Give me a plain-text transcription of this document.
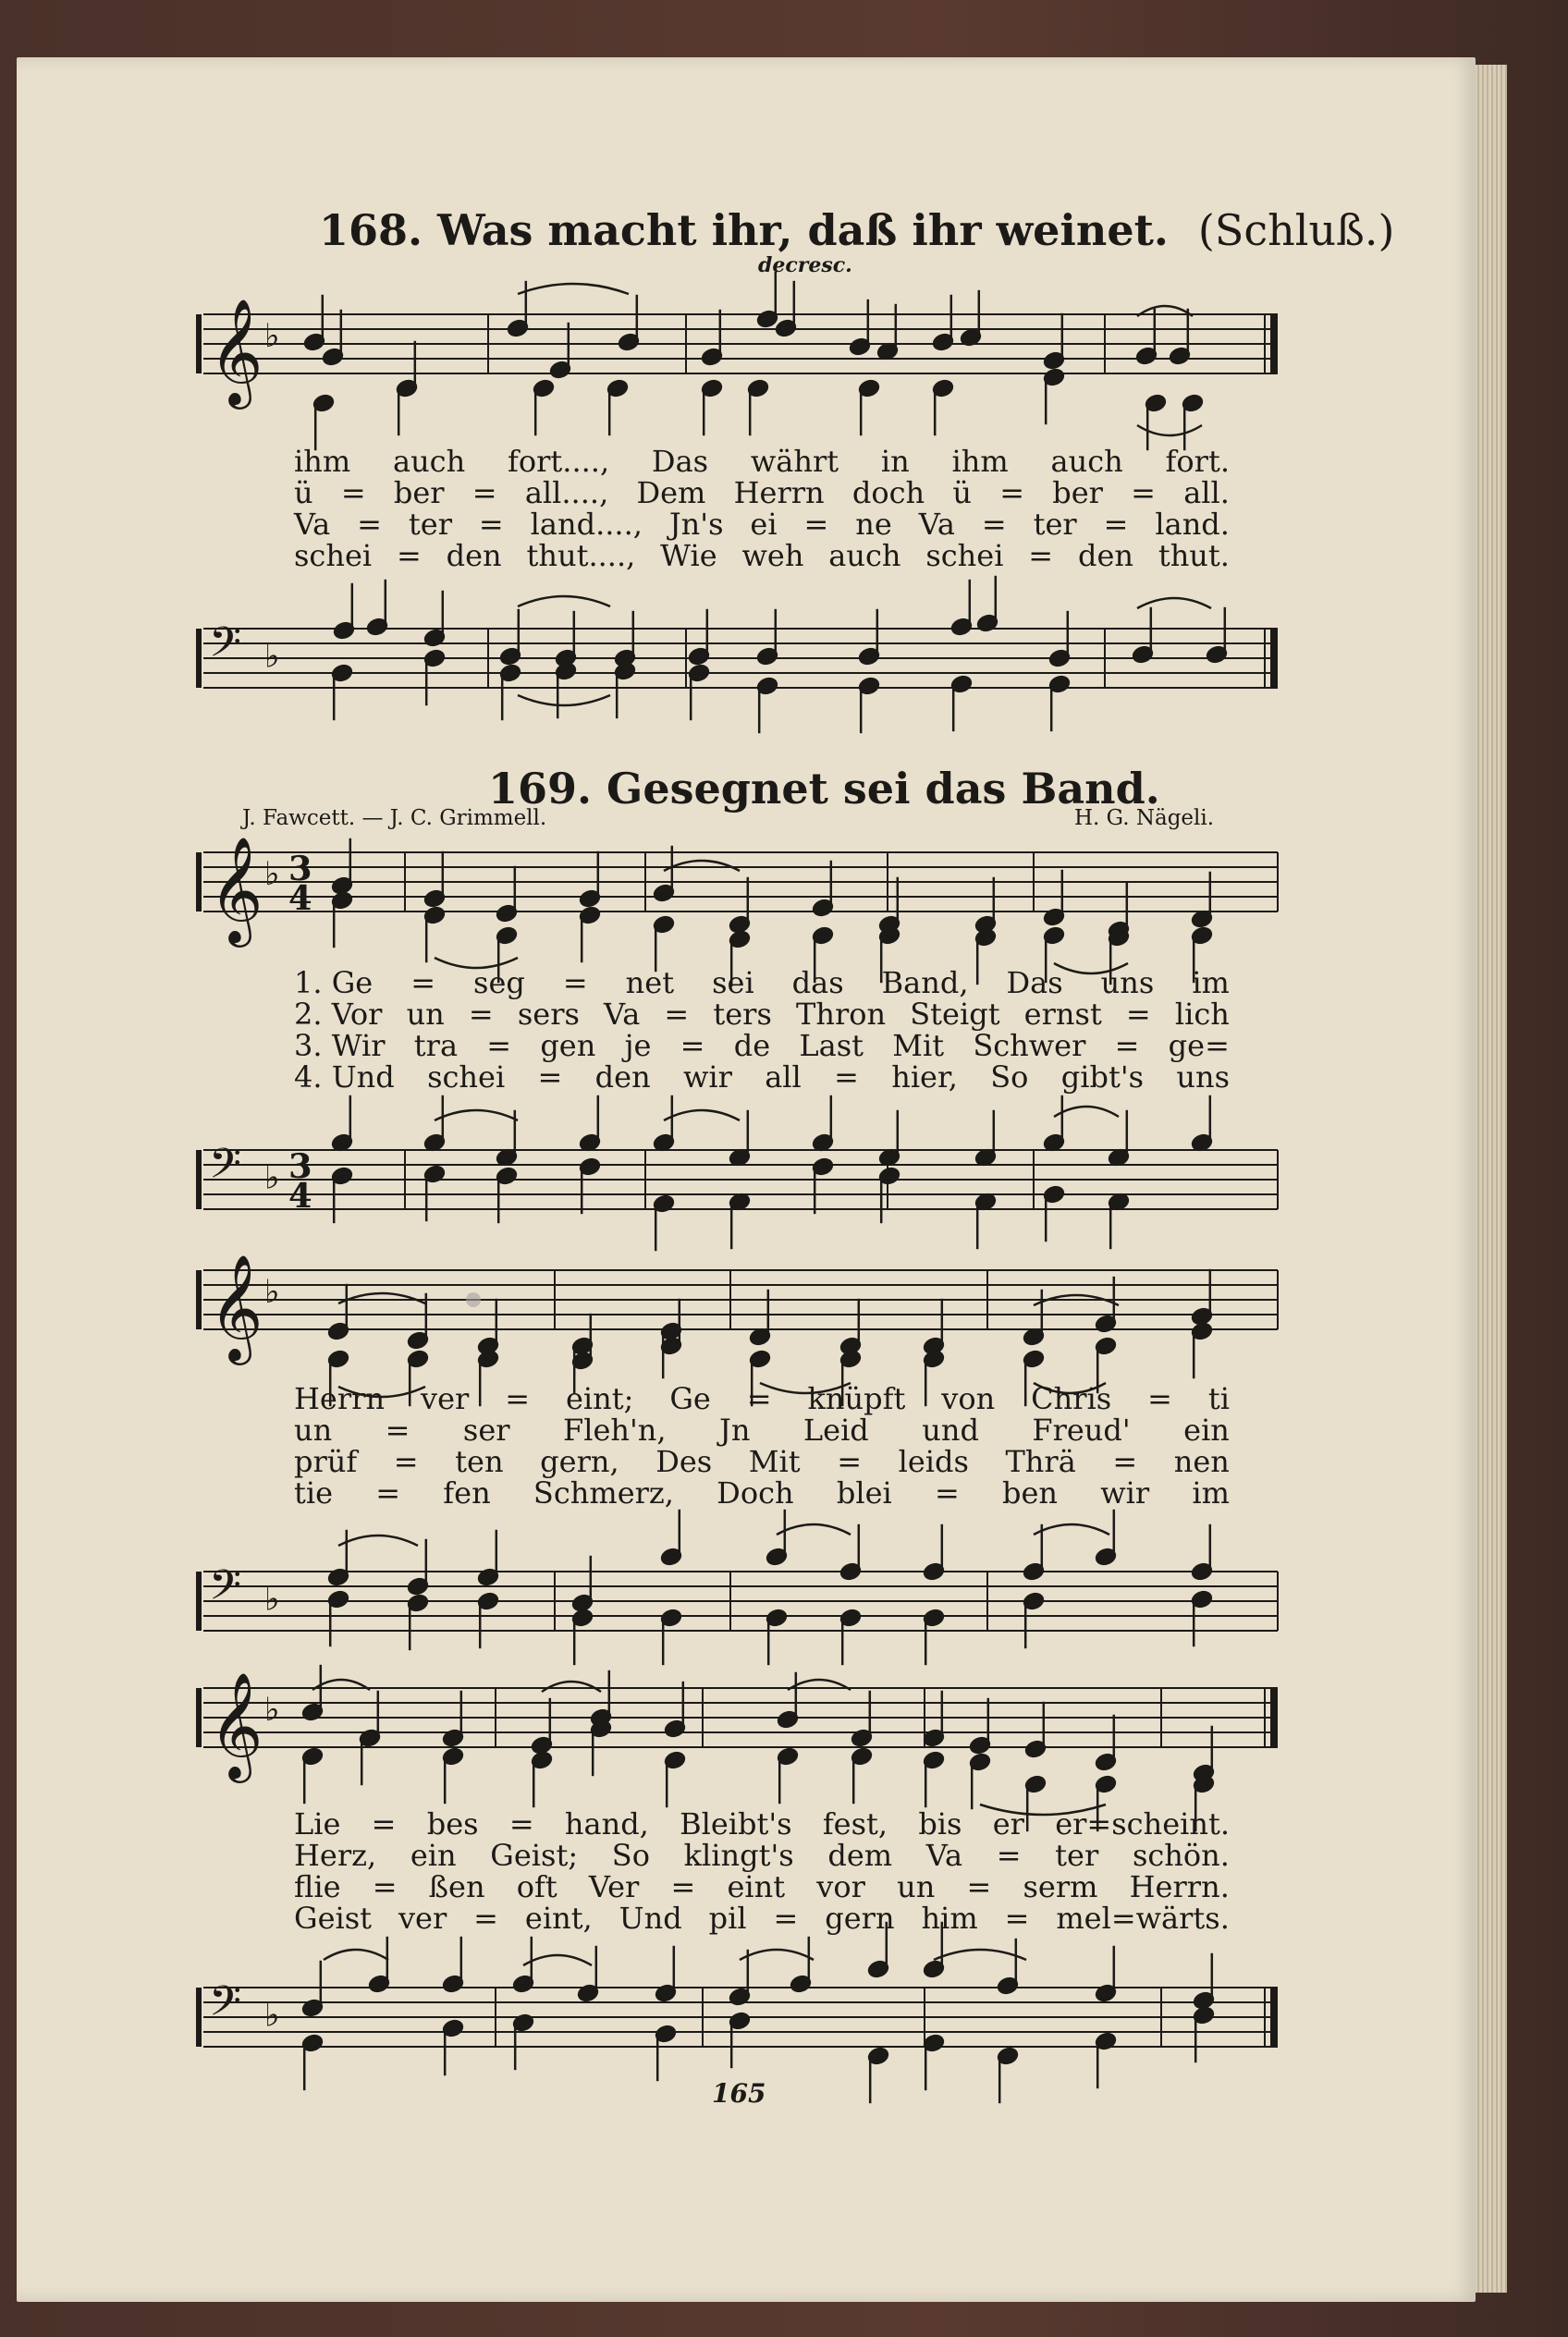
168. Was macht ihr, daß ihr weinet. (Schluß.)
decresc.
𝄞 ♭
𝄢 ♭
𝄞 ♭ 3
4
𝄢 ♭ 3
4
𝄞 ♭
𝄢 ♭
𝄞 ♭
𝄢 ♭
ihm auch fort...., Das währt in ihm auch fort.
ü = ber = all...., Dem Herrn doch ü = ber = all.
Va = ter = land...., Jn's ei = ne Va = ter = land.
schei = den thut...., Wie weh auch schei = den thut.
169. Gesegnet sei das Band.
J. Fawcett. — J. C. Grimmell.	H. G. Nägeli.
1. Ge = seg = net sei das Band, Das uns im
2. Vor un = sers Va = ters Thron Steigt ernst = lich
3. Wir tra = gen je = de Last Mit Schwer = ge=
4. Und schei = den wir all = hier, So gibt's uns
Herrn ver = eint; Ge = knüpft von Chris = ti
un = ser Fleh'n, Jn Leid und Freud' ein
prüf = ten gern, Des Mit = leids Thrä = nen
tie = fen Schmerz, Doch blei = ben wir im
Lie = bes = hand, Bleibt's fest, bis er er=scheint.
Herz, ein Geist; So klingt's dem Va = ter schön.
flie = ßen oft Ver = eint vor un = serm Herrn.
Geist ver = eint, Und pil = gern him = mel=wärts.
165
